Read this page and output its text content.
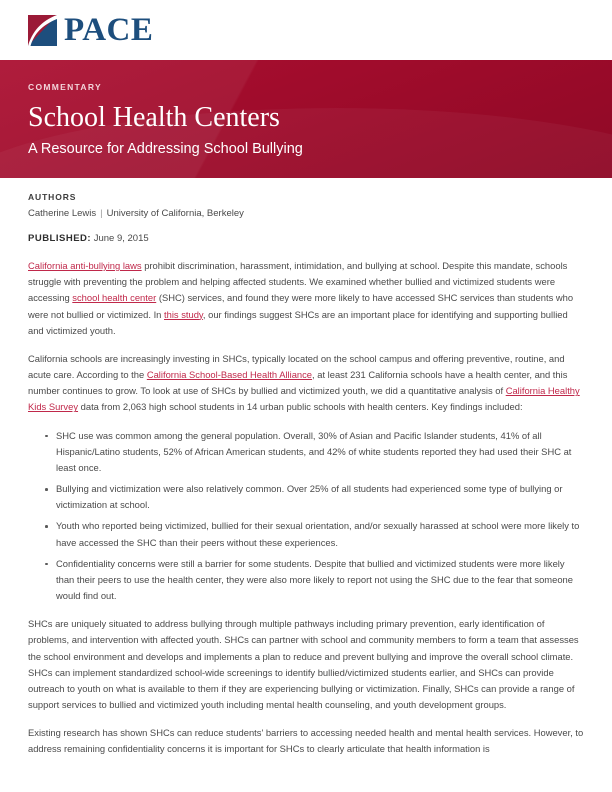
PACE
COMMENTARY
School Health Centers
A Resource for Addressing School Bullying
AUTHORS
Catherine Lewis | University of California, Berkeley
PUBLISHED: June 9, 2015

California anti-bullying laws prohibit discrimination, harassment, intimidation, and bullying at school. Despite this mandate, schools struggle with preventing the problem and helping affected students. We examined whether bullied and victimized students were accessing school health center (SHC) services, and found they were more likely to have accessed SHC services than students who were not bullied or victimized. In this study, our findings suggest SHCs are an important place for identifying and supporting bullied and victimized youth.

California schools are increasingly investing in SHCs, typically located on the school campus and offering preventive, routine, and acute care. According to the California School-Based Health Alliance, at least 231 California schools have a health center, and this number continues to grow. To look at use of SHCs by bullied and victimized youth, we did a quantitative analysis of California Healthy Kids Survey data from 2,063 high school students in 14 urban public schools with health centers. Key findings included:

SHC use was common among the general population. Overall, 30% of Asian and Pacific Islander students, 41% of all Hispanic/Latino students, 52% of African American students, and 42% of white students reported they had used their SHC at least once.
Bullying and victimization were also relatively common. Over 25% of all students had experienced some type of bullying or victimization at school.
Youth who reported being victimized, bullied for their sexual orientation, and/or sexually harassed at school were more likely to have accessed the SHC than their peers without these experiences.
Confidentiality concerns were still a barrier for some students. Despite that bullied and victimized students were more likely than their peers to use the health center, they were also more likely to report not using the SHC due to the fear that someone would find out.

SHCs are uniquely situated to address bullying through multiple pathways including primary prevention, early identification of problems, and intervention with affected youth. SHCs can partner with school and community members to form a team that assesses the school environment and develops and implements a plan to reduce and prevent bullying and improve the overall school climate. SHCs can implement standardized school-wide screenings to identify bullied/victimized students earlier, and SHCs can provide outreach to youth on what is available to them if they are experiencing bullying or victimization. Finally, SHCs can provide a range of support services to bullied and victimized youth including mental health counseling, and youth development groups.

Existing research has shown SHCs can reduce students' barriers to accessing needed health and mental health services. However, to address remaining confidentiality concerns it is important for SHCs to clearly articulate that health information is
